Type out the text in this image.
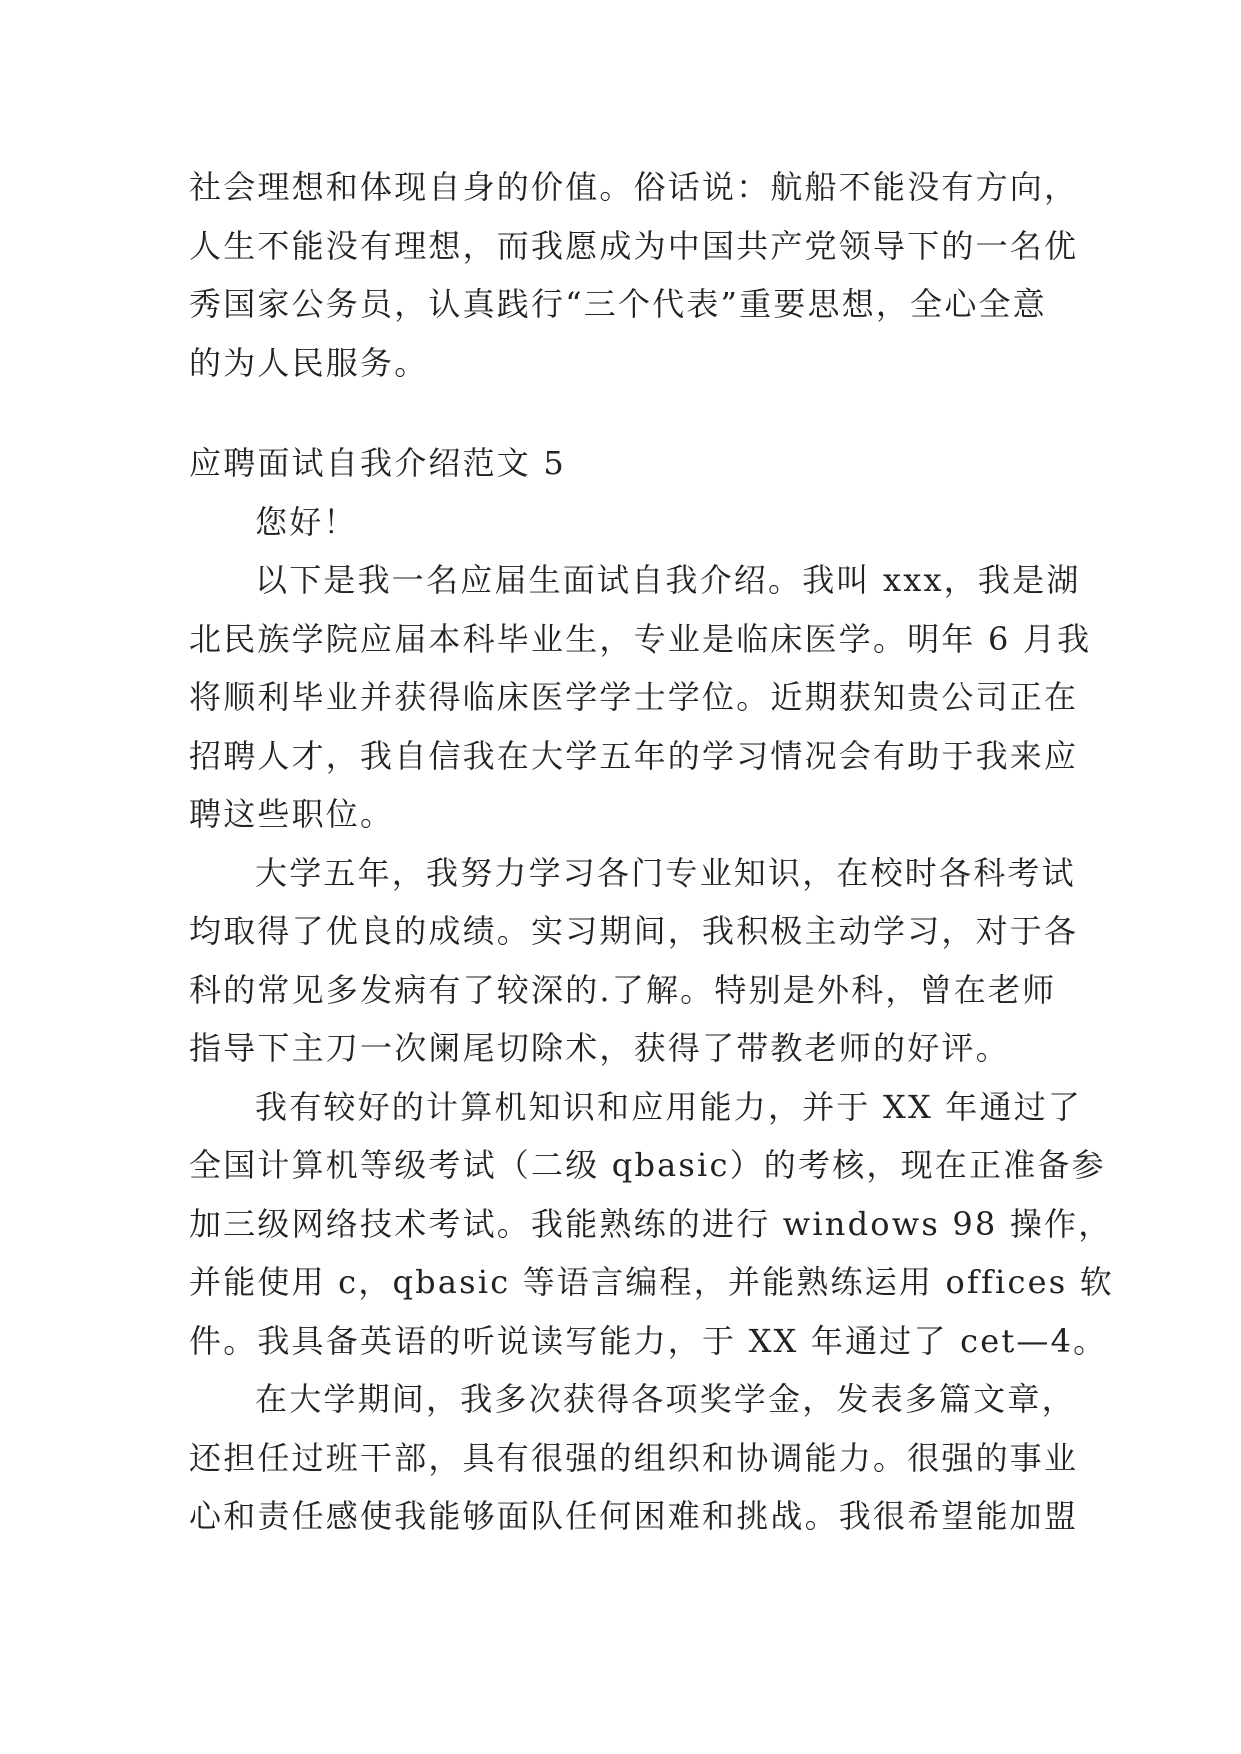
社会理想和体现自身的价值。俗话说：航船不能没有方向，
人生不能没有理想，而我愿成为中国共产党领导下的一名优
秀国家公务员，认真践行“三个代表”重要思想，全心全意
的为人民服务。
应聘面试自我介绍范文 5
您好！
以下是我一名应届生面试自我介绍。我叫 xxx，我是湖
北民族学院应届本科毕业生，专业是临床医学。明年 6 月我
将顺利毕业并获得临床医学学士学位。近期获知贵公司正在
招聘人才，我自信我在大学五年的学习情况会有助于我来应
聘这些职位。
大学五年，我努力学习各门专业知识，在校时各科考试
均取得了优良的成绩。实习期间，我积极主动学习，对于各
科的常见多发病有了较深的.了解。特别是外科，曾在老师
指导下主刀一次阑尾切除术，获得了带教老师的好评。
我有较好的计算机知识和应用能力，并于 XX 年通过了
全国计算机等级考试（二级 qbasic）的考核，现在正准备参
加三级网络技术考试。我能熟练的进行 windows 98 操作，
并能使用 c，qbasic 等语言编程，并能熟练运用 offices 软
件。我具备英语的听说读写能力，于 XX 年通过了 cet—4。
在大学期间，我多次获得各项奖学金，发表多篇文章，
还担任过班干部，具有很强的组织和协调能力。很强的事业
心和责任感使我能够面队任何困难和挑战。我很希望能加盟
